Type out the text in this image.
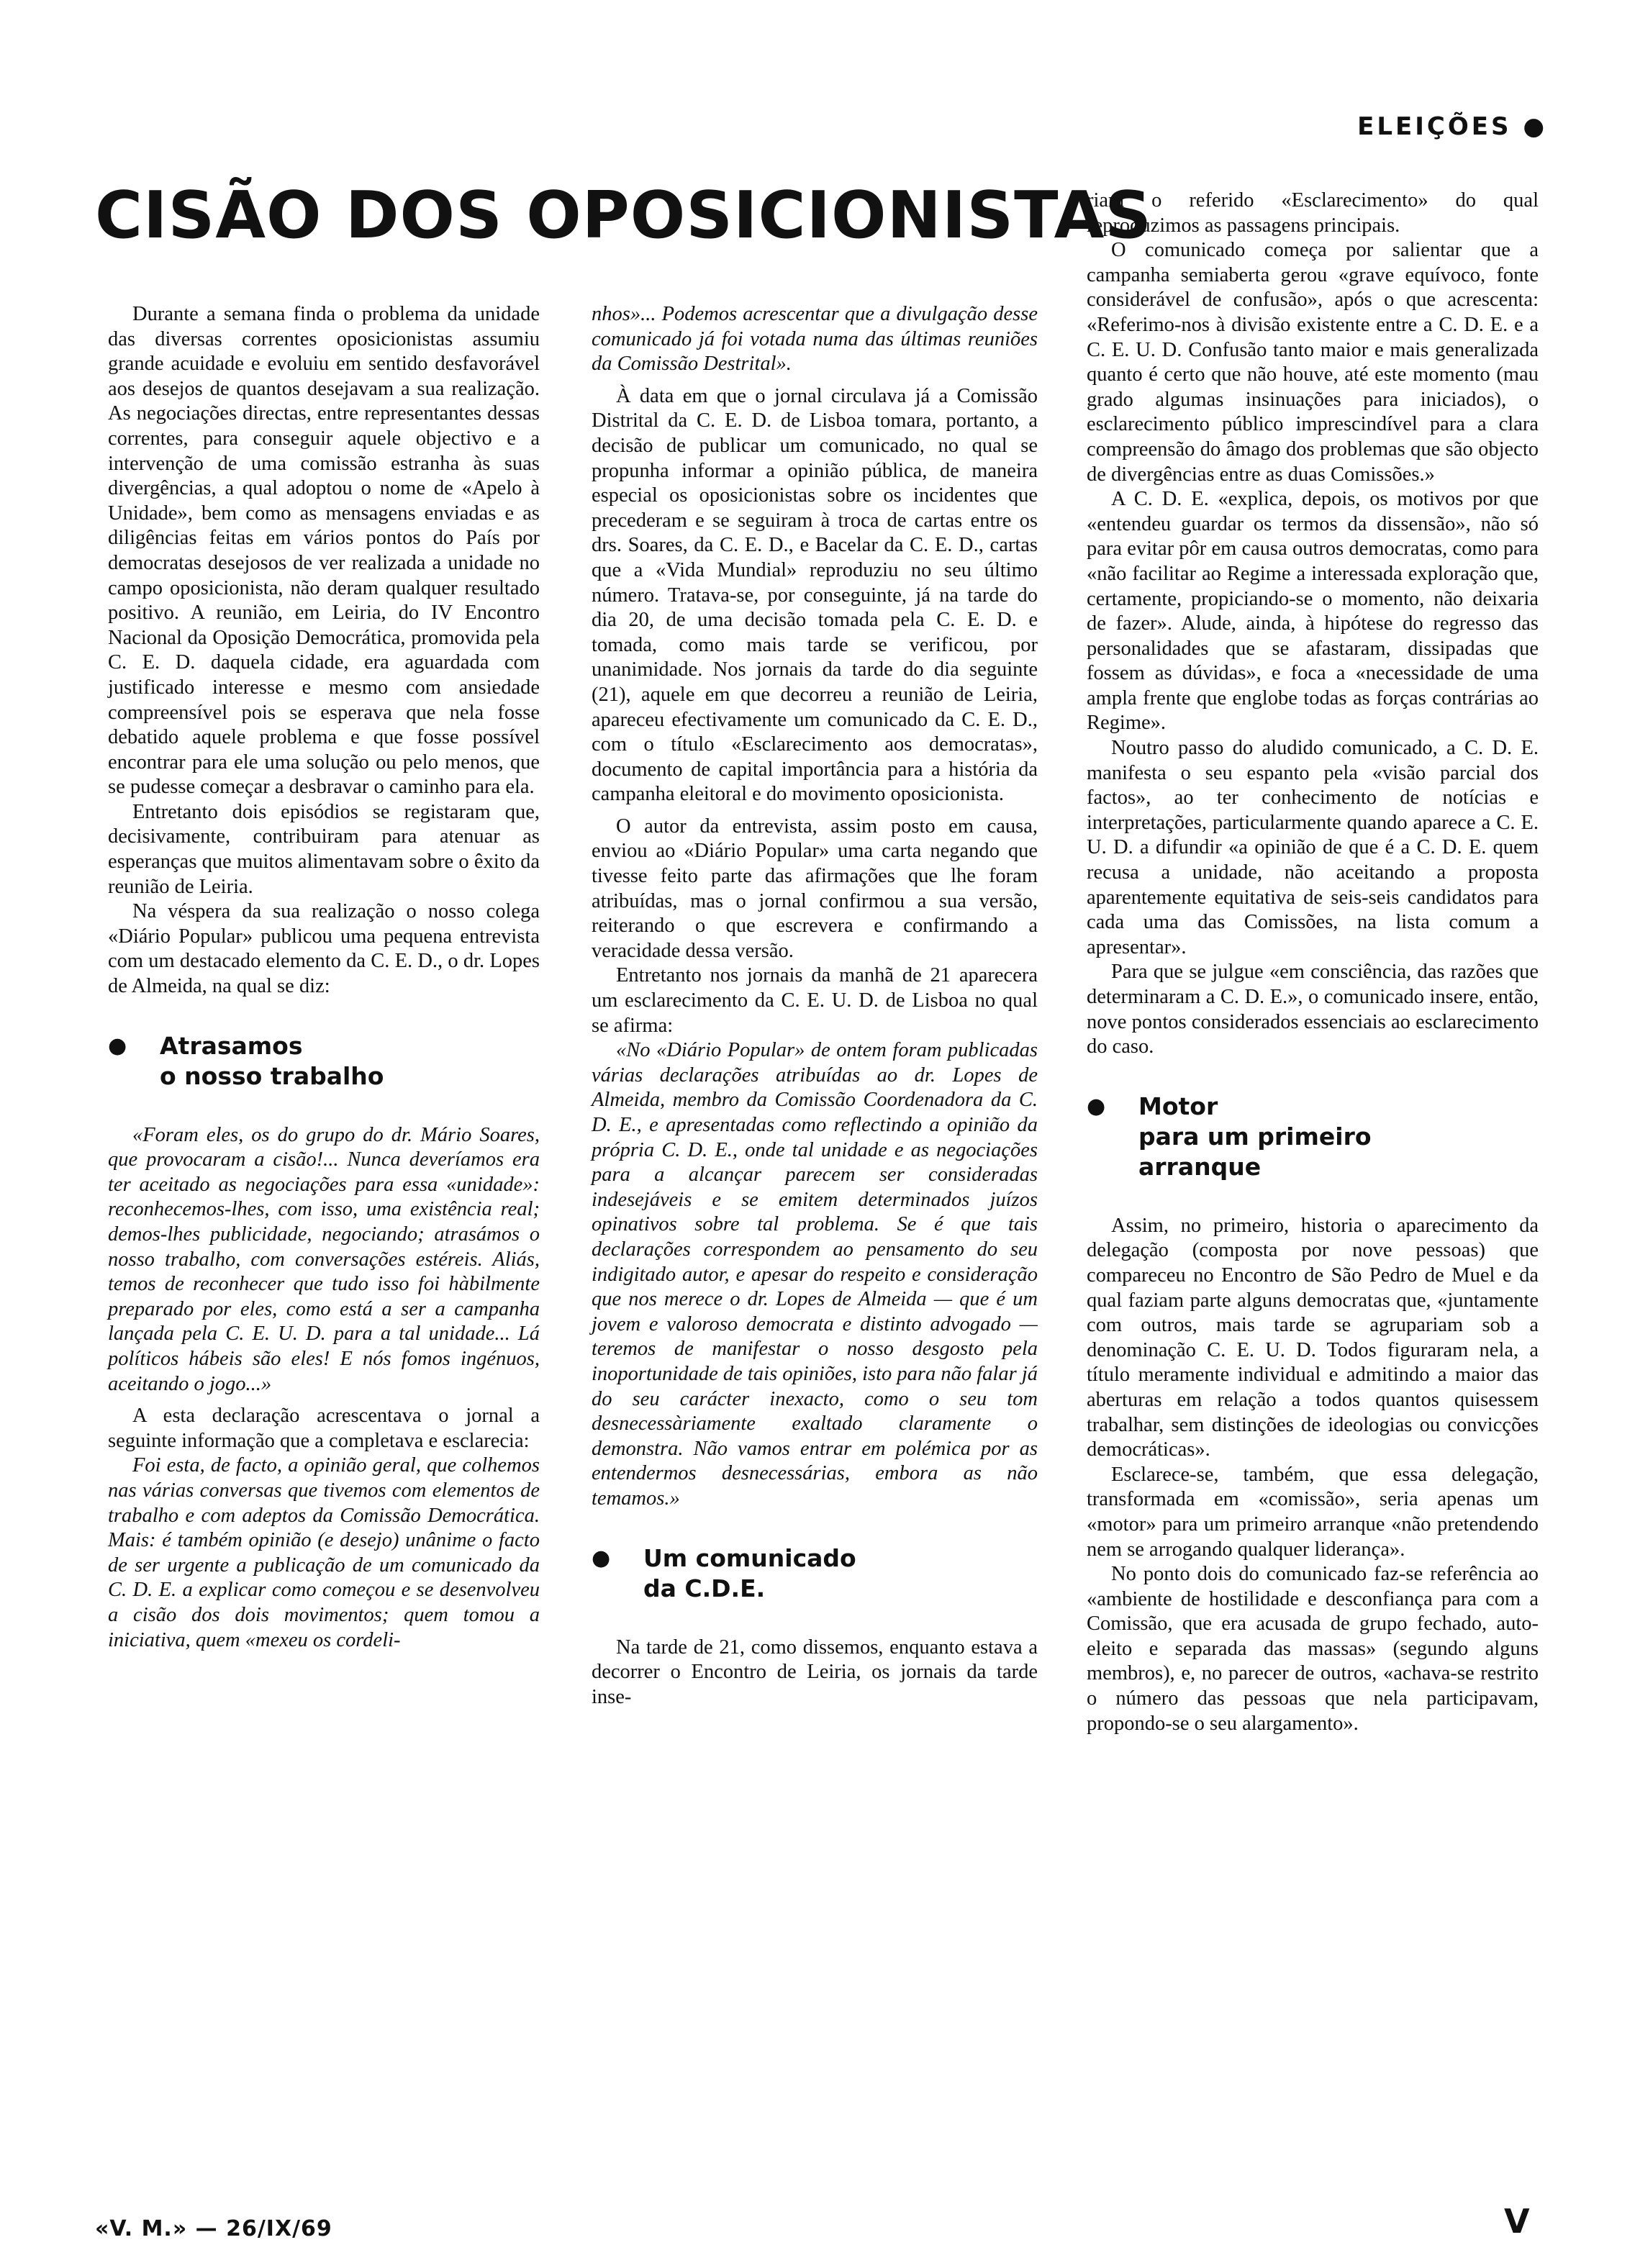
ELEIÇÕES ●
CISÃO DOS OPOSICIONISTAS

Durante a semana finda o problema da unidade das diversas correntes oposicionistas assumiu grande acuidade e evoluiu em sentido desfavorável aos desejos de quantos desejavam a sua realização. As negociações directas, entre representantes dessas correntes, para conseguir aquele objectivo e a intervenção de uma comissão estranha às suas divergências, a qual adoptou o nome de «Apelo à Unidade», bem como as mensagens enviadas e as diligências feitas em vários pontos do País por democratas desejosos de ver realizada a unidade no campo oposicionista, não deram qualquer resultado positivo. A reunião, em Leiria, do IV Encontro Nacional da Oposição Democrática, promovida pela C. E. D. daquela cidade, era aguardada com justificado interesse e mesmo com ansiedade compreensível pois se esperava que nela fosse debatido aquele problema e que fosse possível encontrar para ele uma solução ou pelo menos, que se pudesse começar a desbravar o caminho para ela.

Entretanto dois episódios se registaram que, decisivamente, contribuiram para atenuar as esperanças que muitos alimentavam sobre o êxito da reunião de Leiria.

Na véspera da sua realização o nosso colega «Diário Popular» publicou uma pequena entrevista com um destacado elemento da C. E. D., o dr. Lopes de Almeida, na qual se diz:

●	Atrasamos
o nosso trabalho

«Foram eles, os do grupo do dr. Mário Soares, que provocaram a cisão!... Nunca deveríamos era ter aceitado as negociações para essa «unidade»: reconhecemos-lhes, com isso, uma existência real; demos-lhes publicidade, negociando; atrasámos o nosso trabalho, com conversações estéreis. Aliás, temos de reconhecer que tudo isso foi hàbilmente preparado por eles, como está a ser a campanha lançada pela C. E. U. D. para a tal unidade... Lá políticos hábeis são eles! E nós fomos ingénuos, aceitando o jogo...»

A esta declaração acrescentava o jornal a seguinte informação que a completava e esclarecia:

Foi esta, de facto, a opinião geral, que colhemos nas várias conversas que tivemos com elementos de trabalho e com adeptos da Comissão Democrática. Mais: é também opinião (e desejo) unânime o facto de ser urgente a publicação de um comunicado da C. D. E. a explicar como começou e se desenvolveu a cisão dos dois movimentos; quem tomou a iniciativa, quem «mexeu os cordeli-

nhos»... Podemos acrescentar que a divulgação desse comunicado já foi votada numa das últimas reuniões da Comissão Destrital».

À data em que o jornal circulava já a Comissão Distrital da C. E. D. de Lisboa tomara, portanto, a decisão de publicar um comunicado, no qual se propunha informar a opinião pública, de maneira especial os oposicionistas sobre os incidentes que precederam e se seguiram à troca de cartas entre os drs. Soares, da C. E. D., e Bacelar da C. E. D., cartas que a «Vida Mundial» reproduziu no seu último número. Tratava-se, por conseguinte, já na tarde do dia 20, de uma decisão tomada pela C. E. D. e tomada, como mais tarde se verificou, por unanimidade. Nos jornais da tarde do dia seguinte (21), aquele em que decorreu a reunião de Leiria, apareceu efectivamente um comunicado da C. E. D., com o título «Esclarecimento aos democratas», documento de capital importância para a história da campanha eleitoral e do movimento oposicionista.

O autor da entrevista, assim posto em causa, enviou ao «Diário Popular» uma carta negando que tivesse feito parte das afirmações que lhe foram atribuídas, mas o jornal confirmou a sua versão, reiterando o que escrevera e confirmando a veracidade dessa versão.

Entretanto nos jornais da manhã de 21 aparecera um esclarecimento da C. E. U. D. de Lisboa no qual se afirma:

«No «Diário Popular» de ontem foram publicadas várias declarações atribuídas ao dr. Lopes de Almeida, membro da Comissão Coordenadora da C. D. E., e apresentadas como reflectindo a opinião da própria C. D. E., onde tal unidade e as negociações para a alcançar parecem ser consideradas indesejáveis e se emitem determinados juízos opinativos sobre tal problema. Se é que tais declarações correspondem ao pensamento do seu indigitado autor, e apesar do respeito e consideração que nos merece o dr. Lopes de Almeida — que é um jovem e valoroso democrata e distinto advogado — teremos de manifestar o nosso desgosto pela inoportunidade de tais opiniões, isto para não falar já do seu carácter inexacto, como o seu tom desnecessàriamente exaltado claramente o demonstra. Não vamos entrar em polémica por as entendermos desnecessárias, embora as não temamos.»

●	Um comunicado
da C.D.E.

Na tarde de 21, como dissemos, enquanto estava a decorrer o Encontro de Leiria, os jornais da tarde inse-

riam o referido «Esclarecimento» do qual reproduzimos as passagens principais.

O comunicado começa por salientar que a campanha semiaberta gerou «grave equívoco, fonte considerável de confusão», após o que acrescenta: «Referimo-nos à divisão existente entre a C. D. E. e a C. E. U. D. Confusão tanto maior e mais generalizada quanto é certo que não houve, até este momento (mau grado algumas insinuações para iniciados), o esclarecimento público imprescindível para a clara compreensão do âmago dos problemas que são objecto de divergências entre as duas Comissões.»

A C. D. E. «explica, depois, os motivos por que «entendeu guardar os termos da dissensão», não só para evitar pôr em causa outros democratas, como para «não facilitar ao Regime a interessada exploração que, certamente, propiciando-se o momento, não deixaria de fazer». Alude, ainda, à hipótese do regresso das personalidades que se afastaram, dissipadas que fossem as dúvidas», e foca a «necessidade de uma ampla frente que englobe todas as forças contrárias ao Regime».

Noutro passo do aludido comunicado, a C. D. E. manifesta o seu espanto pela «visão parcial dos factos», ao ter conhecimento de notícias e interpretações, particularmente quando aparece a C. E. U. D. a difundir «a opinião de que é a C. D. E. quem recusa a unidade, não aceitando a proposta aparentemente equitativa de seis-seis candidatos para cada uma das Comissões, na lista comum a apresentar».

Para que se julgue «em consciência, das razões que determinaram a C. D. E.», o comunicado insere, então, nove pontos considerados essenciais ao esclarecimento do caso.

●	Motor
para um primeiro
arranque

Assim, no primeiro, historia o aparecimento da delegação (composta por nove pessoas) que compareceu no Encontro de São Pedro de Muel e da qual faziam parte alguns democratas que, «juntamente com outros, mais tarde se agrupariam sob a denominação C. E. U. D. Todos figuraram nela, a título meramente individual e admitindo a maior das aberturas em relação a todos quantos quisessem trabalhar, sem distinções de ideologias ou convicções democráticas».

Esclarece-se, também, que essa delegação, transformada em «comissão», seria apenas um «motor» para um primeiro arranque «não pretendendo nem se arrogando qualquer liderança».

No ponto dois do comunicado faz-se referência ao «ambiente de hostilidade e desconfiança para com a Comissão, que era acusada de grupo fechado, auto-eleito e separada das massas» (segundo alguns membros), e, no parecer de outros, «achava-se restrito o número das pessoas que nela participavam, propondo-se o seu alargamento».

«V. M.» — 26/IX/69	V
